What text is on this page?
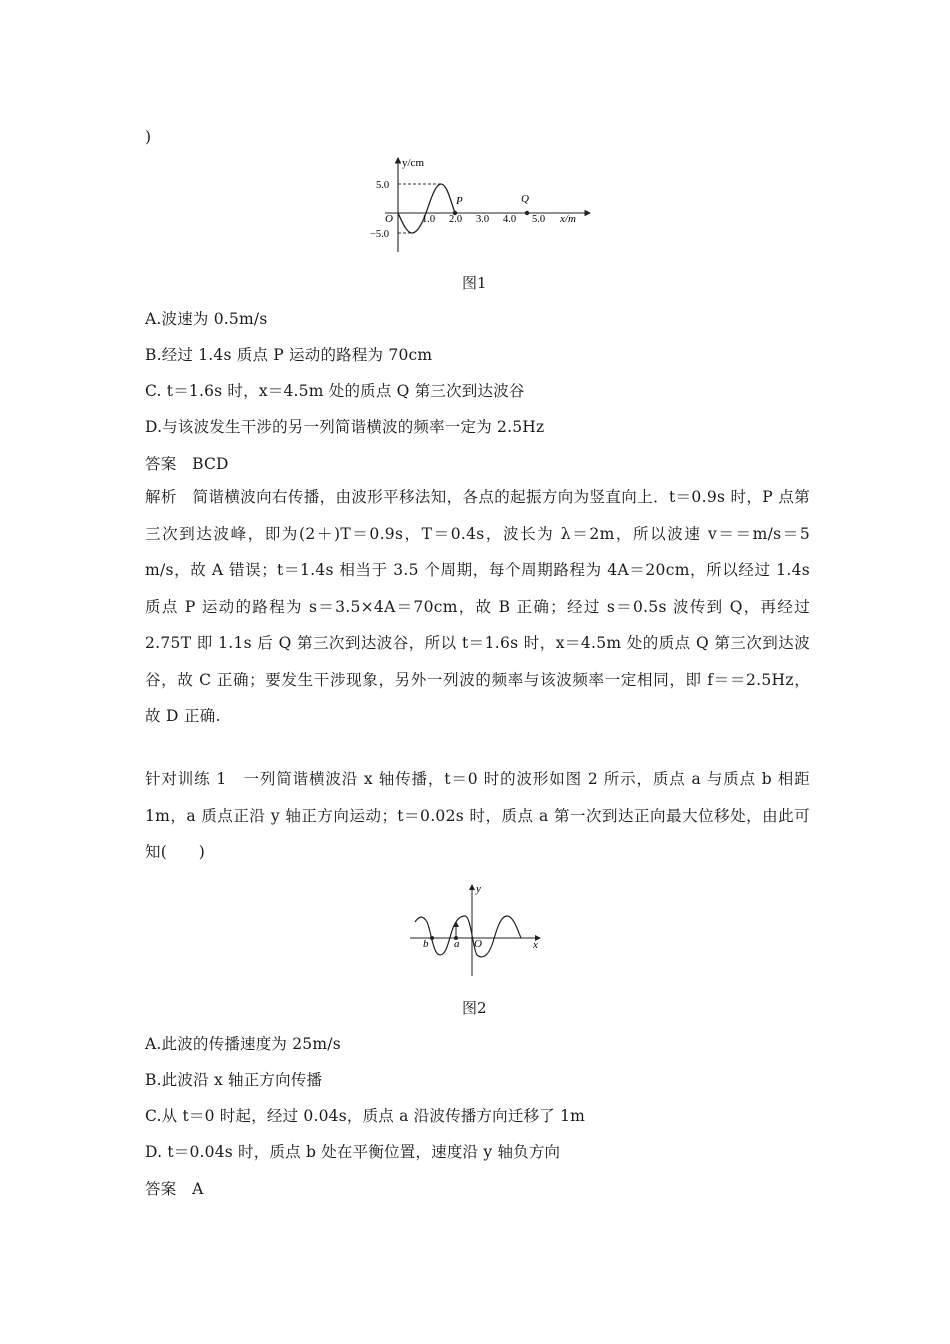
)
y/cm
x/m
O
5.0
−5.0
1.0 2.0 3.0 4.0 5.0
P	Q
图1
A.波速为 0.5m/s
B.经过 1.4s 质点 P 运动的路程为 70cm
C. t＝1.6s 时，x＝4.5m 处的质点 Q 第三次到达波谷
D.与该波发生干涉的另一列简谐横波的频率一定为 2.5Hz
答案　BCD
解析　简谐横波向右传播，由波形平移法知，各点的起振方向为竖直向上．t＝0.9s 时，P 点第三次到达波峰，即为(2＋)T＝0.9s，T＝0.4s，波长为 λ＝2m，所以波速 v＝＝m/s＝5 m/s，故 A 错误；t＝1.4s 相当于 3.5 个周期，每个周期路程为 4A＝20cm，所以经过 1.4s 质点 P 运动的路程为 s＝3.5×4A＝70cm，故 B 正确；经过 s＝0.5s 波传到 Q，再经过 2.75T 即 1.1s 后 Q 第三次到达波谷，所以 t＝1.6s 时，x＝4.5m 处的质点 Q 第三次到达波谷，故 C 正确；要发生干涉现象，另外一列波的频率与该波频率一定相同，即 f＝＝2.5Hz，故 D 正确.
针对训练 1　一列简谐横波沿 x 轴传播，t＝0 时的波形如图 2 所示，质点 a 与质点 b 相距 1m，a 质点正沿 y 轴正方向运动；t＝0.02s 时，质点 a 第一次到达正向最大位移处，由此可知(　　)
y
x
O
a
b
图2
A.此波的传播速度为 25m/s
B.此波沿 x 轴正方向传播
C.从 t＝0 时起，经过 0.04s，质点 a 沿波传播方向迁移了 1m
D. t＝0.04s 时，质点 b 处在平衡位置，速度沿 y 轴负方向
答案　A
